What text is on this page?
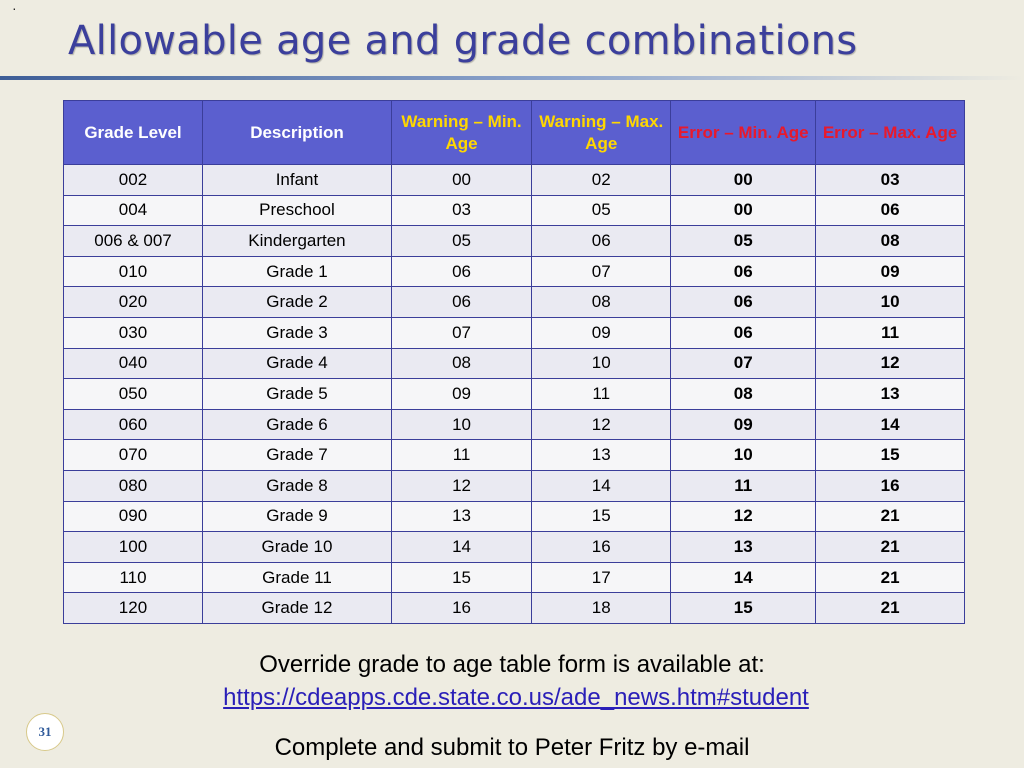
·
Allowable age and grade combinations
Grade Level	Description	Warning – Min. Age	Warning – Max. Age	Error – Min. Age	Error – Max. Age
002	Infant	00	02	00	03
004	Preschool	03	05	00	06
006 & 007	Kindergarten	05	06	05	08
010	Grade 1	06	07	06	09
020	Grade 2	06	08	06	10
030	Grade 3	07	09	06	11
040	Grade 4	08	10	07	12
050	Grade 5	09	11	08	13
060	Grade 6	10	12	09	14
070	Grade 7	11	13	10	15
080	Grade 8	12	14	11	16
090	Grade 9	13	15	12	21
100	Grade 10	14	16	13	21
110	Grade 11	15	17	14	21
120	Grade 12	16	18	15	21
Override grade to age table form is available at:
https://cdeapps.cde.state.co.us/ade_news.htm#student
Complete and submit to Peter Fritz by e-mail
31
